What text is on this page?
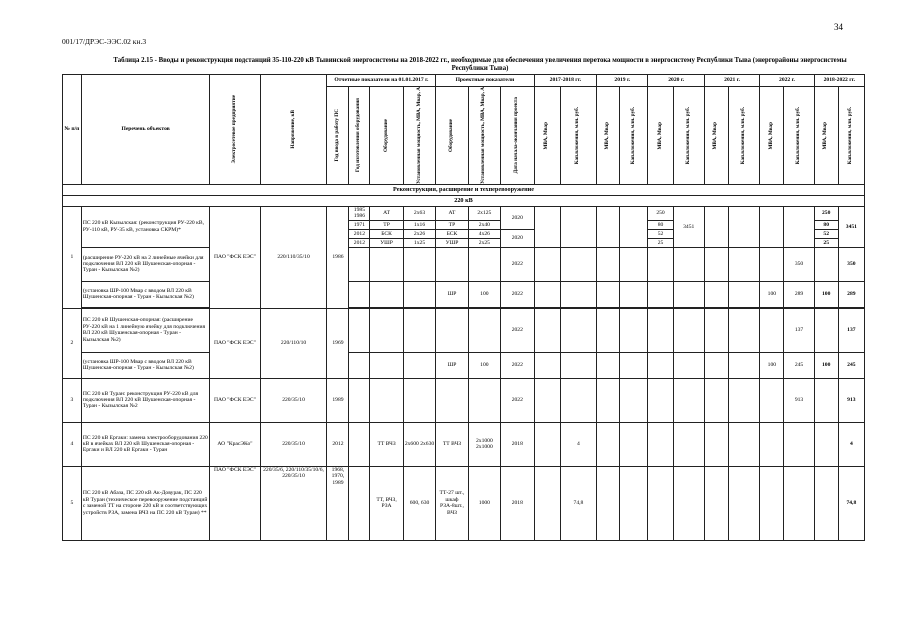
34
001/17/ДРЭС-ЭЭС.02 кн.3
Таблица 2.15 - Вводы и реконструкция подстанций 35-110-220 кВ Тывинской энергосистемы на 2018-2022 гг., необходимые для обеспечения увеличения перетока мощности в энергосистему Республики Тыва (энергорайоны энергосистемы Республики Тыва)
№ п/п	Перечень объектов	Электросетевое предприятие	Напряжение, кВ	Отчетные показатели на 01.01.2017 г.				Проектные показатели			2017-2018 гг.		2019 г.		2020 г.		2021 г.		2022 г.		2018-2022 гг.	

				Год ввода в работу ПС	Год изготовления оборудования	Оборудование	Установленная мощность, МВА, Мвар, А	Оборудование	Установленная мощность, МВА, Мвар, А	Дата начала-окончания проекта	МВА, Мвар	Кап.вложения, млн. руб.	МВА, Мвар	Кап.вложения, млн. руб.	МВА, Мвар	Кап.вложения, млн. руб.	МВА, Мвар	Кап.вложения, млн. руб.	МВА, Мвар	Кап.вложения, млн. руб.	МВА, Мвар	Кап.вложения, млн. руб.

Реконструкция, расширение и техперевооружение																						
220 кВ																						
1	ПС 220 кВ Кызылская: (реконструкция РУ-220 кВ, РУ-110 кВ, РУ-35 кВ, установка СКРМ)*	ПАО "ФСК ЕЭС"	220/110/35/10	1986	1985 1986	АТ	2х63	АТ	2х125	2020					250	3451					250	3451
					1971	ТР	1х16	ТР	2х40						80						80	
					2012	БСК	2х26	БСК	4х26	2020					52						52	
					2012	УШР	1х25	УШР	2х25						25						25	
	(расширение РУ-220 кВ на 2 линейные ячейки для подключения ВЛ 220 кВ Шушенская-опорная - Туран - Кызылская №2)									2022										350		350
	(установка ШР-100 Мвар с вводом ВЛ 220 кВ Шушенская-опорная - Туран - Кызылская №2)							ШР	100	2022									100	289	100	289

2	ПС 220 кВ Шушенская-опорная: (расширение РУ-220 кВ на 1 линейную ячейку для подключения ВЛ 220 кВ Шушенская-опорная - Туран - Кызылская №2)	ПАО "ФСК ЕЭС"	220/110/10	1969						2022										137		137
	(установка ШР-100 Мвар с вводом ВЛ 220 кВ Шушенская-опорная - Туран - Кызылская №2)							ШР	100	2022									100	245	100	245
3	ПС 220 кВ Туран: реконструкция РУ-220 кВ для подключения ВЛ 220 кВ Шушенская-опорная - Туран - Кызылская №2	ПАО "ФСК ЕЭС"	220/35/10	1989						2022										913		913
4	ПС 220 кВ Ергаки: замена электрооборудования 220 кВ в ячейках ВЛ 220 кВ Шушенская-опорная - Ергаки и ВЛ 220 кВ Ергаки - Туран	АО "КрасЭКо"	220/35/10	2012		ТТ ВЧЗ	2х600 2х630	ТТ ВЧЗ	2х1000 2х1000	2018		4										4
5	ПС 220 кВ Абаза, ПС 220 кВ Ак-Довурак, ПС 220 кВ Туран (техническое перевооружение подстанций с заменой ТТ на стороне 220 кВ и соответствующих устройств РЗА, замена ВЧЗ на ПС 220 кВ Туран) **	ПАО "ФСК ЕЭС"	220/35/6, 220/110/35/10/6, 220/35/10	1968, 1970, 1989		ТТ, ВЧЗ, РЗА	600, 630	ТТ-27 шт., шкаф РЗА-8шт., ВЧЗ	1000	2018		74,8										74,8
